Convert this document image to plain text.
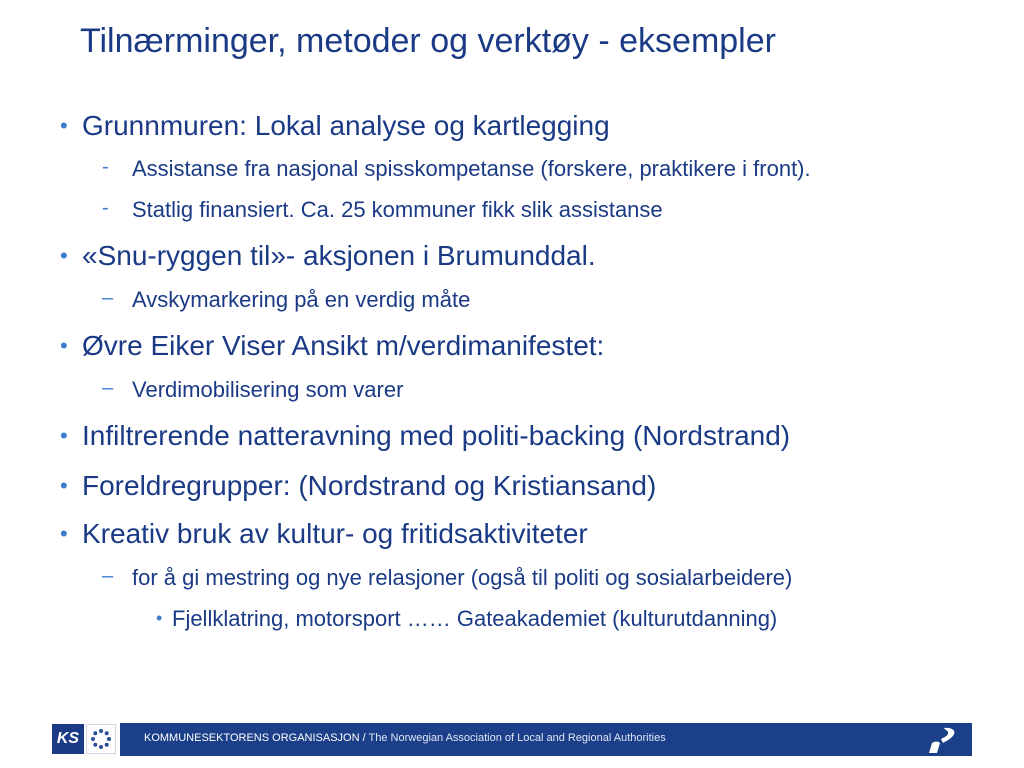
Tilnærminger, metoder og verktøy - eksempler
• Grunnmuren: Lokal analyse og kartlegging
- Assistanse fra nasjonal spisskompetanse (forskere, praktikere i front).
- Statlig finansiert. Ca. 25 kommuner fikk slik assistanse
• «Snu-ryggen til»- aksjonen i Brumunddal.
– Avskymarkering på en verdig måte
• Øvre Eiker Viser Ansikt m/verdimanifestet:
– Verdimobilisering som varer
• Infiltrerende natteravning med politi-backing (Nordstrand)
• Foreldregrupper: (Nordstrand og Kristiansand)
• Kreativ bruk av kultur- og fritidsaktiviteter
– for å gi mestring og nye relasjoner (også til politi og sosialarbeidere)
• Fjellklatring, motorsport …… Gateakademiet (kulturutdanning)
KS	KOMMUNESEKTORENS ORGANISASJON / The Norwegian Association of Local and Regional Authorities
